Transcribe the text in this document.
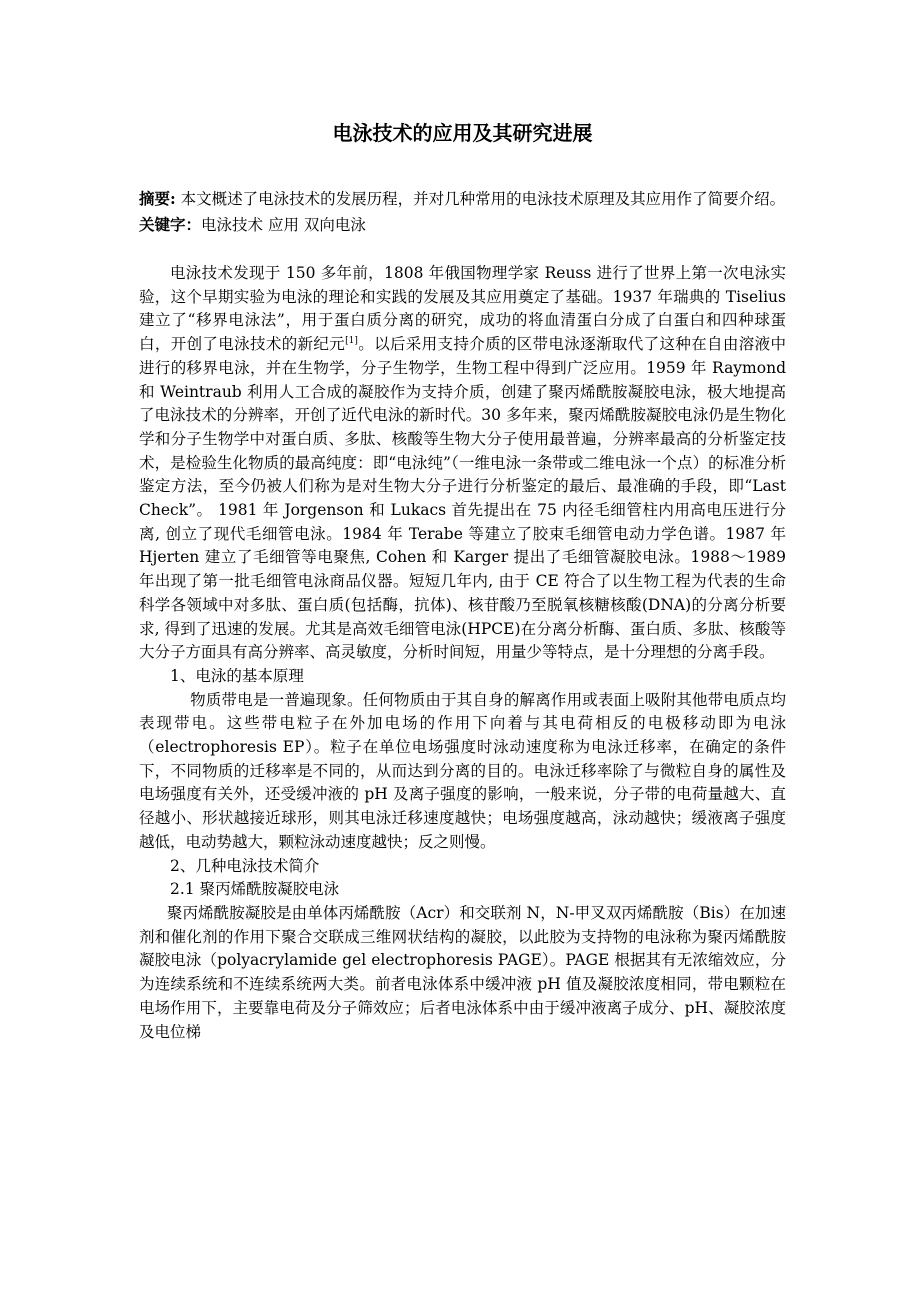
电泳技术的应用及其研究进展

摘要: 本文概述了电泳技术的发展历程，并对几种常用的电泳技术原理及其应用作了简要介绍。

关键字：电泳技术 应用 双向电泳

电泳技术发现于 150 多年前，1808 年俄国物理学家 Reuss 进行了世界上第一次电泳实验，这个早期实验为电泳的理论和实践的发展及其应用奠定了基础。1937 年瑞典的 Tiselius 建立了“移界电泳法”，用于蛋白质分离的研究，成功的将血清蛋白分成了白蛋白和四种球蛋白，开创了电泳技术的新纪元[1]。以后采用支持介质的区带电泳逐渐取代了这种在自由溶液中进行的移界电泳，并在生物学，分子生物学，生物工程中得到广泛应用。1959 年 Raymond 和 Weintraub 利用人工合成的凝胶作为支持介质，创建了聚丙烯酰胺凝胶电泳，极大地提高了电泳技术的分辨率，开创了近代电泳的新时代。30 多年来，聚丙烯酰胺凝胶电泳仍是生物化学和分子生物学中对蛋白质、多肽、核酸等生物大分子使用最普遍，分辨率最高的分析鉴定技术，是检验生化物质的最高纯度：即“电泳纯”（一维电泳一条带或二维电泳一个点）的标准分析鉴定方法，至今仍被人们称为是对生物大分子进行分析鉴定的最后、最准确的手段，即“Last Check”。 1981 年 Jorgenson 和 Lukacs 首先提出在 75 内径毛细管柱内用高电压进行分离, 创立了现代毛细管电泳。1984 年 Terabe 等建立了胶束毛细管电动力学色谱。1987 年 Hjerten 建立了毛细管等电聚焦, Cohen 和 Karger 提出了毛细管凝胶电泳。1988～1989 年出现了第一批毛细管电泳商品仪器。短短几年内, 由于 CE 符合了以生物工程为代表的生命科学各领域中对多肽、蛋白质(包括酶，抗体)、核苷酸乃至脱氧核糖核酸(DNA)的分离分析要求, 得到了迅速的发展。尤其是高效毛细管电泳(HPCE)在分离分析酶、蛋白质、多肽、核酸等大分子方面具有高分辨率、高灵敏度，分析时间短，用量少等特点，是十分理想的分离手段。

1、电泳的基本原理

物质带电是一普遍现象。任何物质由于其自身的解离作用或表面上吸附其他带电质点均表现带电。这些带电粒子在外加电场的作用下向着与其电荷相反的电极移动即为电泳（electrophoresis EP）。粒子在单位电场强度时泳动速度称为电泳迁移率，在确定的条件下，不同物质的迁移率是不同的，从而达到分离的目的。电泳迁移率除了与微粒自身的属性及电场强度有关外，还受缓冲液的 pH 及离子强度的影响，一般来说，分子带的电荷量越大、直径越小、形状越接近球形，则其电泳迁移速度越快；电场强度越高，泳动越快；缓液离子强度越低，电动势越大，颗粒泳动速度越快；反之则慢。

2、几种电泳技术简介

2.1 聚丙烯酰胺凝胶电泳

聚丙烯酰胺凝胶是由单体丙烯酰胺（Acr）和交联剂 N，N-甲叉双丙烯酰胺（Bis）在加速剂和催化剂的作用下聚合交联成三维网状结构的凝胶，以此胶为支持物的电泳称为聚丙烯酰胺凝胶电泳（polyacrylamide gel electrophoresis PAGE）。PAGE 根据其有无浓缩效应，分为连续系统和不连续系统两大类。前者电泳体系中缓冲液 pH 值及凝胶浓度相同，带电颗粒在电场作用下，主要靠电荷及分子筛效应；后者电泳体系中由于缓冲液离子成分、pH、凝胶浓度及电位梯
